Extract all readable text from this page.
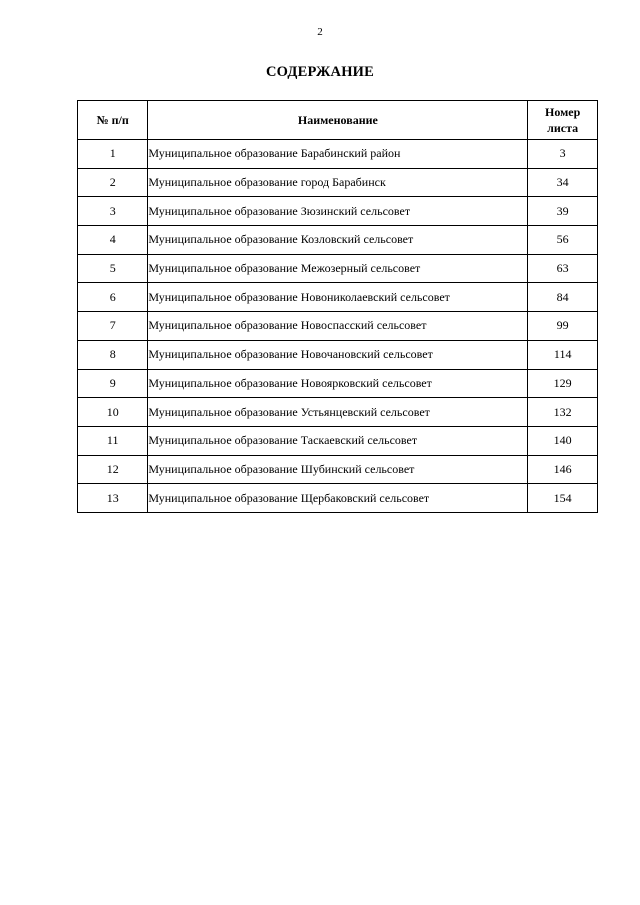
2
СОДЕРЖАНИЕ
№ п/п	Наименование	Номер
листа
1	Муниципальное образование Барабинский район	3
2	Муниципальное образование город Барабинск	34
3	Муниципальное образование Зюзинский сельсовет	39
4	Муниципальное образование Козловский сельсовет	56
5	Муниципальное образование Межозерный сельсовет	63
6	Муниципальное образование Новониколаевский сельсовет	84
7	Муниципальное образование Новоспасский сельсовет	99
8	Муниципальное образование Новочановский сельсовет	114
9	Муниципальное образование Новоярковский сельсовет	129
10	Муниципальное образование Устьянцевский сельсовет	132
11	Муниципальное образование Таскаевский сельсовет	140
12	Муниципальное образование Шубинский сельсовет	146
13	Муниципальное образование Щербаковский сельсовет	154
